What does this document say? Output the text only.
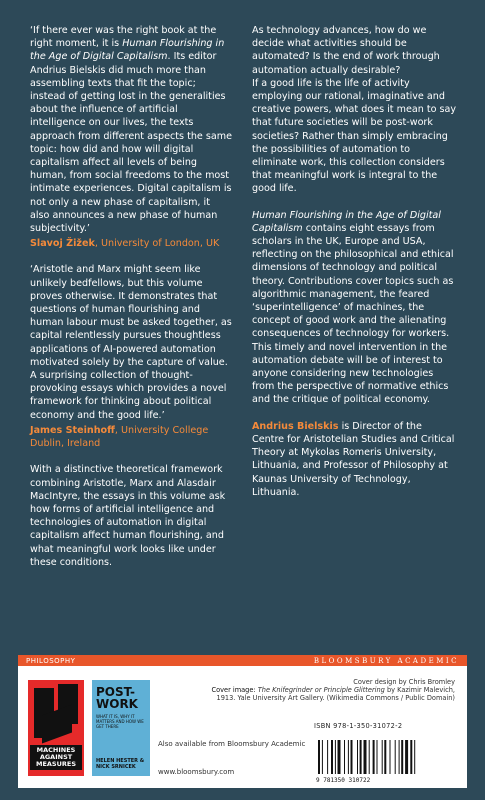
‘If there ever was the right book at the right moment, it is Human Flourishing in the Age of Digital Capitalism. Its editor Andrius Bielskis did much more than assembling texts that fit the topic; instead of getting lost in the generalities about the influence of artificial intelligence on our lives, the texts approach from different aspects the same topic: how did and how will digital capitalism affect all levels of being human, from social freedoms to the most intimate experiences. Digital capitalism is not only a new phase of capitalism, it also announces a new phase of human subjectivity.’

Slavoj Žižek, University of London, UK

‘Aristotle and Marx might seem like unlikely bedfellows, but this volume proves otherwise. It demonstrates that questions of human flourishing and human labour must be asked together, as capital relentlessly pursues thoughtless applications of AI-powered automation motivated solely by the capture of value. A surprising collection of thought-provoking essays which provides a novel framework for thinking about political economy and the good life.’

James Steinhoff, University College Dublin, Ireland

With a distinctive theoretical framework combining Aristotle, Marx and Alasdair MacIntyre, the essays in this volume ask how forms of artificial intelligence and technologies of automation in digital capitalism affect human flourishing, and what meaningful work looks like under these conditions.

As technology advances, how do we decide what activities should be automated? Is the end of work through automation actually desirable?

If a good life is the life of activity employing our rational, imaginative and creative powers, what does it mean to say that future societies will be post-work societies? Rather than simply embracing the possibilities of automation to eliminate work, this collection considers that meaningful work is integral to the good life.

Human Flourishing in the Age of Digital Capitalism contains eight essays from scholars in the UK, Europe and USA, reflecting on the philosophical and ethical dimensions of technology and political theory. Contributions cover topics such as algorithmic management, the feared ‘superintelligence’ of machines, the concept of good work and the alienating consequences of technology for workers. This timely and novel intervention in the automation debate will be of interest to anyone considering new technologies from the perspective of normative ethics and the critique of political economy.

Andrius Bielskis is Director of the Centre for Aristotelian Studies and Critical Theory at Mykolas Romeris University, Lithuania, and Professor of Philosophy at Kaunas University of Technology, Lithuania.

PHILOSOPHY	BLOOMSBURY ACADEMIC
MACHINES AGAINST MEASURES
POST-WORK
WHAT IT IS, WHY IT MATTERS AND HOW WE GET THERE
HELEN HESTER & NICK SRNICEK
Also available from Bloomsbury Academic
www.bloomsbury.com
Cover design by Chris Bromley
Cover image: The Knifegrinder or Principle Glittering by Kazimir Malevich, 1913. Yale University Art Gallery. (Wikimedia Commons / Public Domain)
ISBN 978-1-350-31072-2
9 781350 310722
